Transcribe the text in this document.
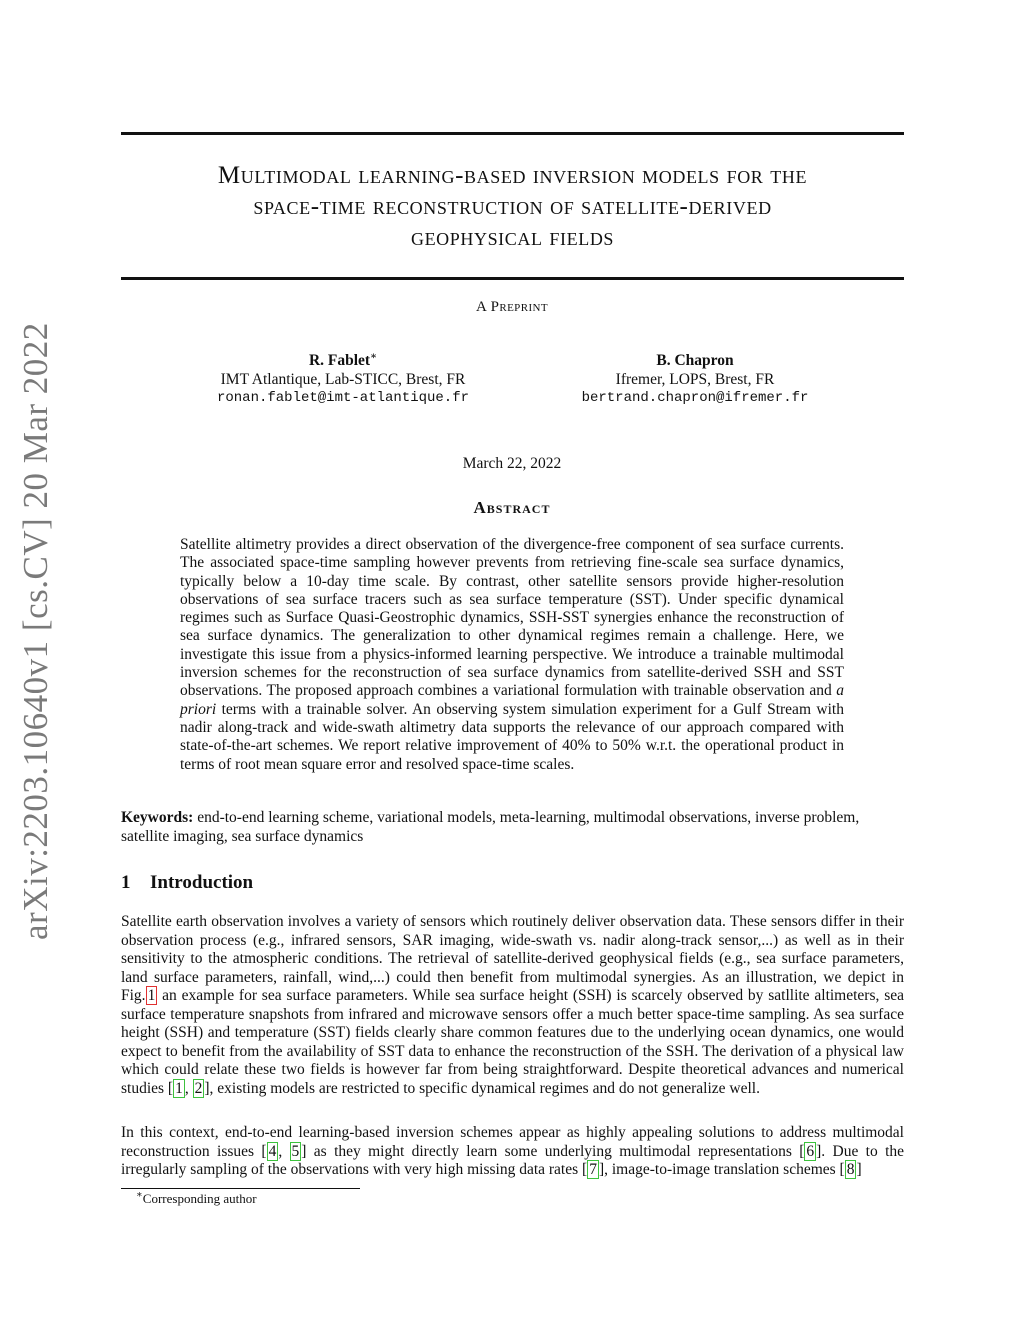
arXiv:2203.10640v1 [cs.CV] 20 Mar 2022
Multimodal learning-based inversion models for the
space-time reconstruction of satellite-derived
geophysical fields
A Preprint
R. Fablet∗
IMT Atlantique, Lab-STICC, Brest, FR
ronan.fablet@imt-atlantique.fr
B. Chapron
Ifremer, LOPS, Brest, FR
bertrand.chapron@ifremer.fr
March 22, 2022
Abstract
Satellite altimetry provides a direct observation of the divergence-free component of sea surface currents. The associated space-time sampling however prevents from retrieving fine-scale sea surface dynamics, typically below a 10-day time scale. By contrast, other satellite sensors provide higher-resolution observations of sea surface tracers such as sea surface temperature (SST). Under specific dynamical regimes such as Surface Quasi-Geostrophic dynamics, SSH-SST synergies enhance the reconstruction of sea surface dynamics. The generalization to other dynamical regimes remain a challenge. Here, we investigate this issue from a physics-informed learning perspective. We introduce a trainable multimodal inversion schemes for the reconstruction of sea surface dynamics from satellite-derived SSH and SST observations. The proposed approach combines a variational formulation with trainable observation and a priori terms with a trainable solver. An observing system simulation experiment for a Gulf Stream with nadir along-track and wide-swath altimetry data supports the relevance of our approach compared with state-of-the-art schemes. We report relative improvement of 40% to 50% w.r.t. the operational product in terms of root mean square error and resolved space-time scales.
Keywords: end-to-end learning scheme, variational models, meta-learning, multimodal observations, inverse problem, satellite imaging, sea surface dynamics
1 Introduction
Satellite earth observation involves a variety of sensors which routinely deliver observation data. These sensors differ in their observation process (e.g., infrared sensors, SAR imaging, wide-swath vs. nadir along-track sensor,...) as well as in their sensitivity to the atmospheric conditions. The retrieval of satellite-derived geophysical fields (e.g., sea surface parameters, land surface parameters, rainfall, wind,...) could then benefit from multimodal synergies. As an illustration, we depict in Fig. 1 an example for sea surface parameters. While sea surface height (SSH) is scarcely observed by satllite altimeters, sea surface temperature snapshots from infrared and microwave sensors offer a much better space-time sampling. As sea surface height (SSH) and temperature (SST) fields clearly share common features due to the underlying ocean dynamics, one would expect to benefit from the availability of SST data to enhance the reconstruction of the SSH. The derivation of a physical law which could relate these two fields is however far from being straightforward. Despite theoretical advances and numerical studies [ 1 , 2 ], existing models are restricted to specific dynamical regimes and do not generalize well.
In this context, end-to-end learning-based inversion schemes appear as highly appealing solutions to address multimodal reconstruction issues [ 4 , 5 ] as they might directly learn some underlying multimodal representations [ 6 ]. Due to the irregularly sampling of the observations with very high missing data rates [ 7 ], image-to-image translation schemes [ 8 ]
∗Corresponding author
